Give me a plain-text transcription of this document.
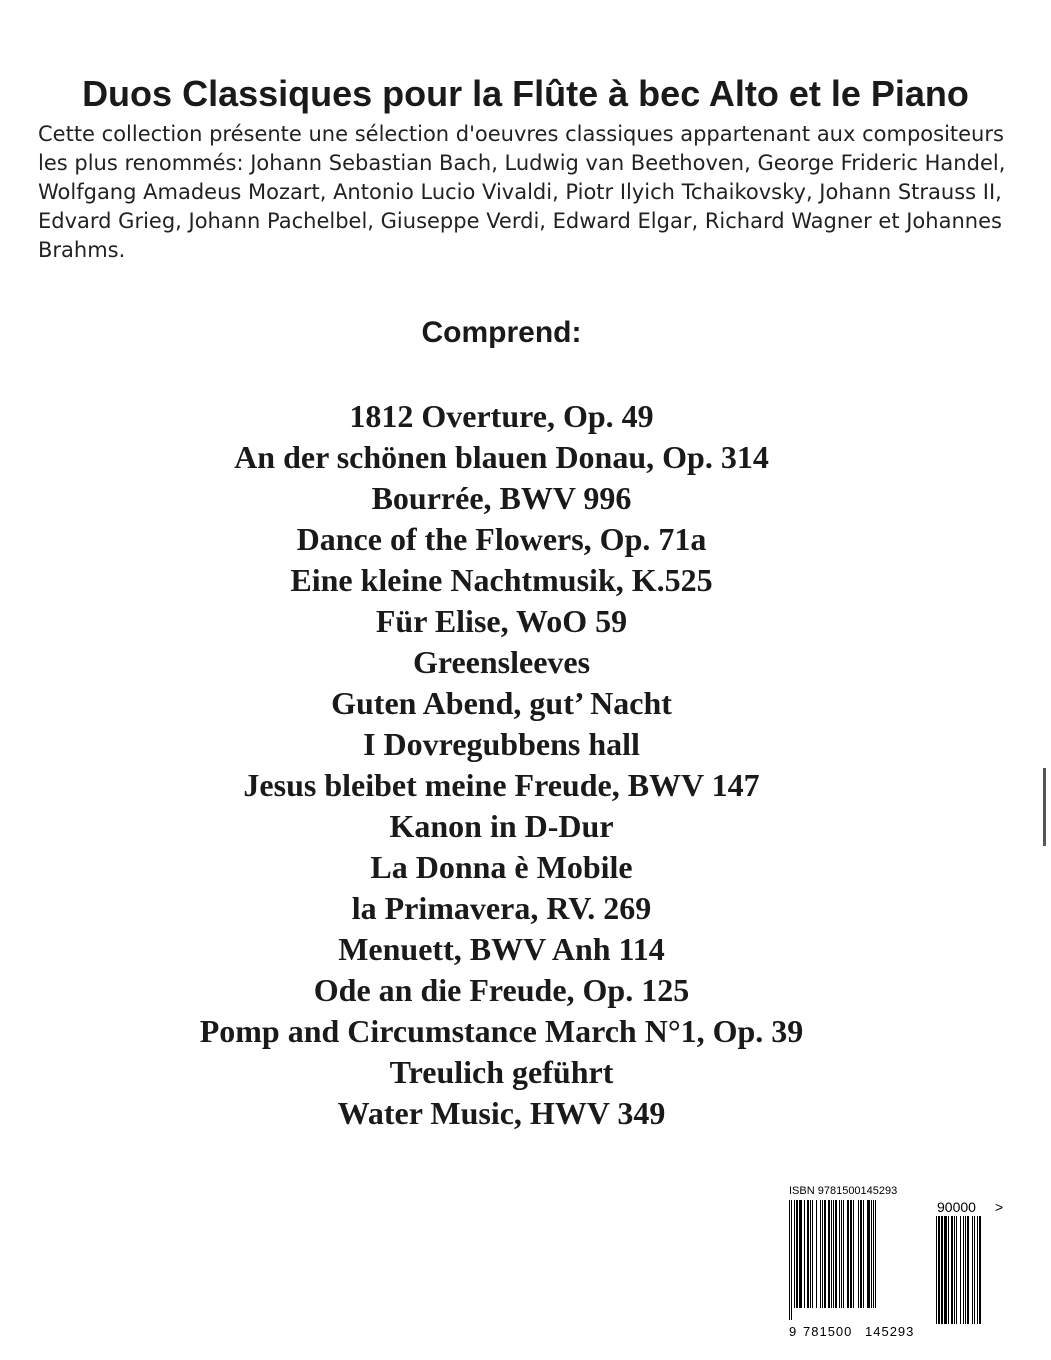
Duos Classiques pour la Flûte à bec Alto et le Piano

Cette collection présente une sélection d'oeuvres classiques appartenant aux compositeurs les plus renommés: Johann Sebastian Bach, Ludwig van Beethoven, George Frideric Handel, Wolfgang Amadeus Mozart, Antonio Lucio Vivaldi, Piotr Ilyich Tchaikovsky, Johann Strauss II, Edvard Grieg, Johann Pachelbel, Giuseppe Verdi, Edward Elgar, Richard Wagner et Johannes Brahms.

Comprend:
1812 Overture, Op. 49
An der schönen blauen Donau, Op. 314
Bourrée, BWV 996
Dance of the Flowers, Op. 71a
Eine kleine Nachtmusik, K.525
Für Elise, WoO 59
Greensleeves
Guten Abend, gut’ Nacht
I Dovregubbens hall
Jesus bleibet meine Freude, BWV 147
Kanon in D-Dur
La Donna è Mobile
la Primavera, RV. 269
Menuett, BWV Anh 114
Ode an die Freude, Op. 125
Pomp and Circumstance March N°1, Op. 39
Treulich geführt
Water Music, HWV 349
ISBN 9781500145293
90000 >
9 781500 145293
